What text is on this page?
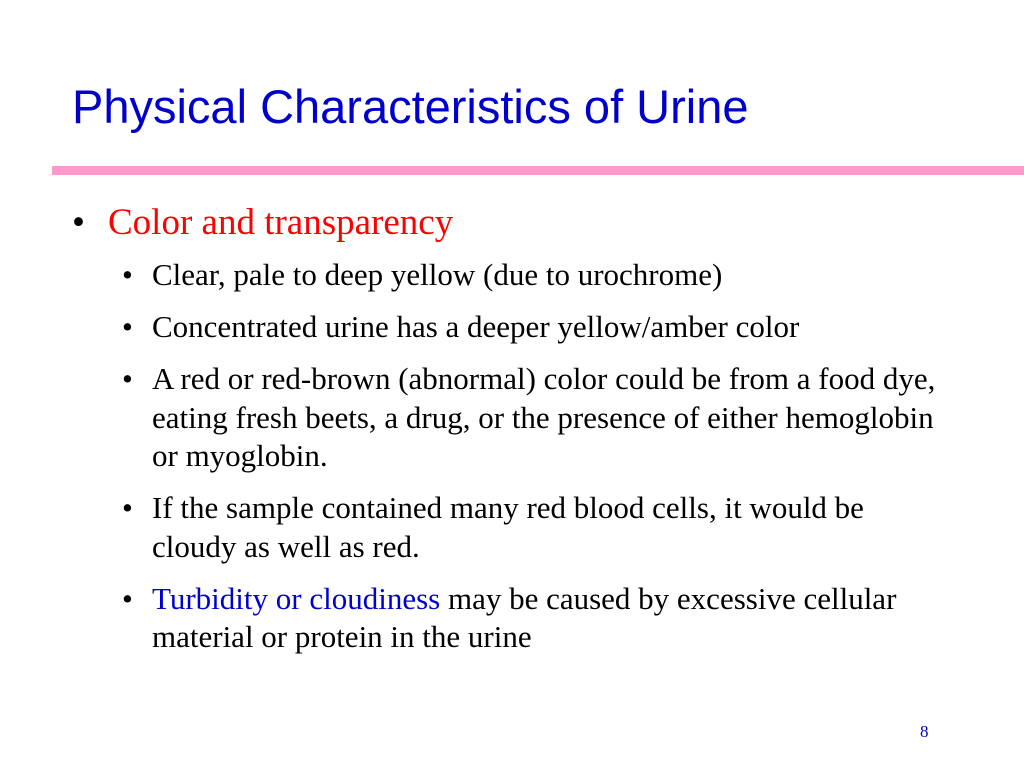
Physical Characteristics of Urine
• Color and transparency
• Clear, pale to deep yellow (due to urochrome)
• Concentrated urine has a deeper yellow/amber color
• A red or red-brown (abnormal) color could be from a food dye, eating fresh beets, a drug, or the presence of either hemoglobin or myoglobin.
• If the sample contained many red blood cells, it would be cloudy as well as red.
• Turbidity or cloudiness may be caused by excessive cellular material or protein in the urine
8
